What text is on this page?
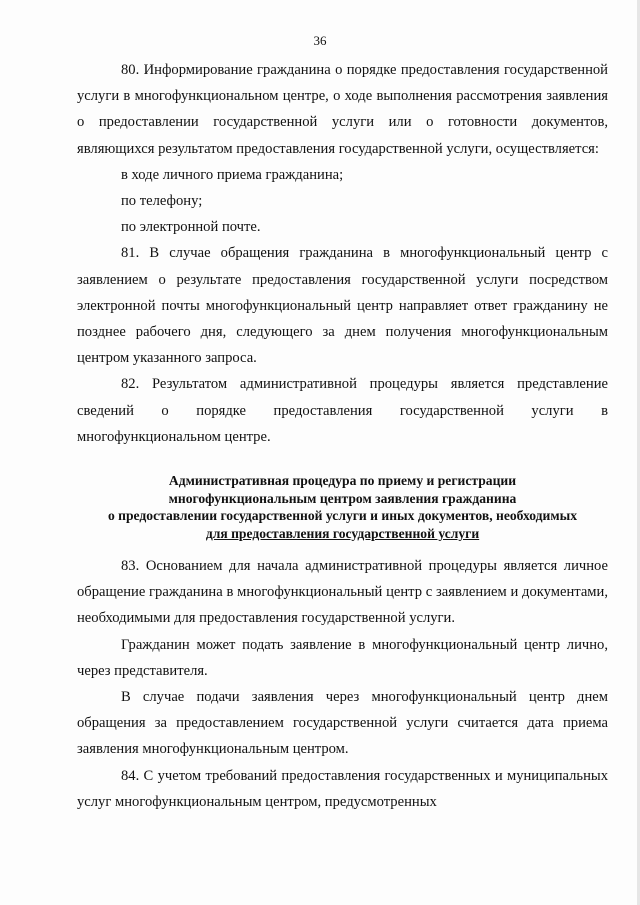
36

80. Информирование гражданина о порядке предоставления государственной услуги в многофункциональном центре, о ходе выполнения рассмотрения заявления о предоставлении государственной услуги или о готовности документов, являющихся результатом предоставления государственной услуги, осуществляется:

в ходе личного приема гражданина;

по телефону;

по электронной почте.

81. В случае обращения гражданина в многофункциональный центр с заявлением о результате предоставления государственной услуги посредством электронной почты многофункциональный центр направляет ответ гражданину не позднее рабочего дня, следующего за днем получения многофункциональным центром указанного запроса.

82. Результатом административной процедуры является представление сведений о порядке предоставления государственной услуги в многофункциональном центре.

Административная процедура по приему и регистрации
многофункциональным центром заявления гражданина
о предоставлении государственной услуги и иных документов, необходимых
для предоставления государственной услуги

83. Основанием для начала административной процедуры является личное обращение гражданина в многофункциональный центр с заявлением и документами, необходимыми для предоставления государственной услуги.

Гражданин может подать заявление в многофункциональный центр лично, через представителя.

В случае подачи заявления через многофункциональный центр днем обращения за предоставлением государственной услуги считается дата приема заявления многофункциональным центром.

84. С учетом требований предоставления государственных и муниципальных услуг многофункциональным центром, предусмотренных
